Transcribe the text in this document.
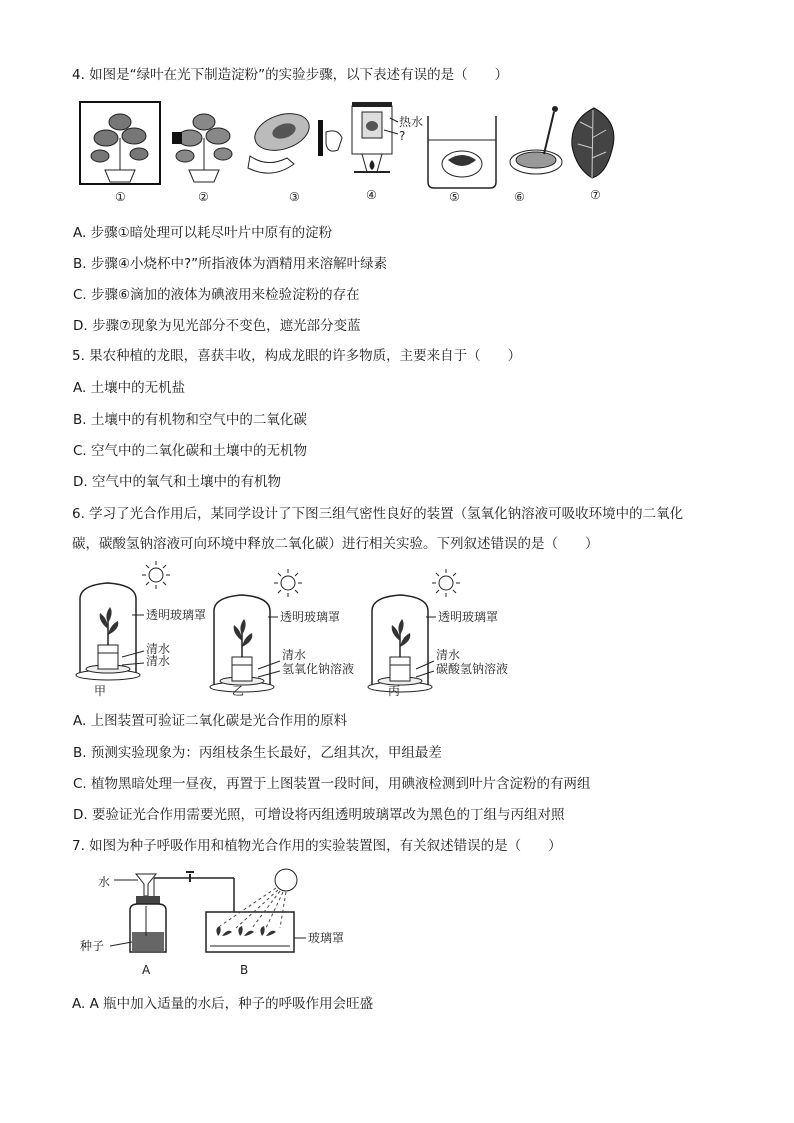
4. 如图是“绿叶在光下制造淀粉”的实验步骤，以下表述有误的是（　　）
热水
?
①	②	③	④	⑤	⑥	⑦
A. 步骤①暗处理可以耗尽叶片中原有的淀粉
B. 步骤④小烧杯中?”所指液体为酒精用来溶解叶绿素
C. 步骤⑥滴加的液体为碘液用来检验淀粉的存在
D. 步骤⑦现象为见光部分不变色，遮光部分变蓝
5. 果农种植的龙眼，喜获丰收，构成龙眼的许多物质，主要来自于（　　）
A. 土壤中的无机盐
B. 土壤中的有机物和空气中的二氧化碳
C. 空气中的二氧化碳和土壤中的无机物
D. 空气中的氧气和土壤中的有机物
6. 学习了光合作用后，某同学设计了下图三组气密性良好的装置（氢氧化钠溶液可吸收环境中的二氧化
碳，碳酸氢钠溶液可向环境中释放二氧化碳）进行相关实验。下列叙述错误的是（　　）
透明玻璃罩
清水
清水
甲
透明玻璃罩
清水
氢氧化钠溶液
乙
透明玻璃罩
清水
碳酸氢钠溶液
丙
A. 上图装置可验证二氧化碳是光合作用的原料
B. 预测实验现象为：丙组枝条生长最好，乙组其次，甲组最差
C. 植物黑暗处理一昼夜，再置于上图装置一段时间，用碘液检测到叶片含淀粉的有两组
D. 要验证光合作用需要光照，可增设将丙组透明玻璃罩改为黑色的丁组与丙组对照
7. 如图为种子呼吸作用和植物光合作用的实验装置图，有关叙述错误的是（　　）
水
种子
A
玻璃罩
B
A. A 瓶中加入适量的水后，种子的呼吸作用会旺盛
